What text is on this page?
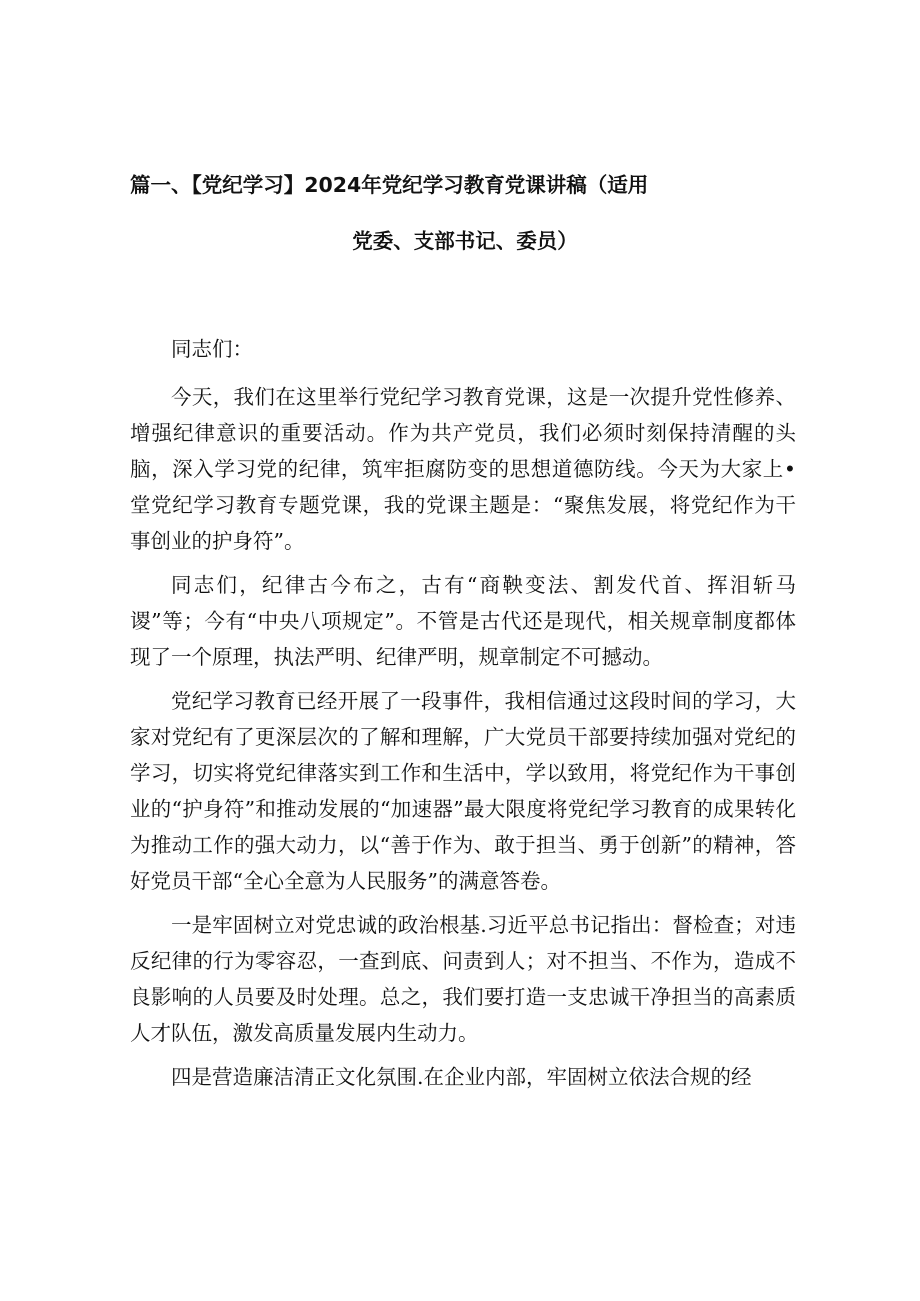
篇一、【党纪学习】2024年党纪学习教育党课讲稿（适用
党委、支部书记、委员）

同志们：

今天，我们在这里举行党纪学习教育党课，这是一次提升党性修养、增强纪律意识的重要活动。作为共产党员，我们必须时刻保持清醒的头脑，深入学习党的纪律，筑牢拒腐防变的思想道德防线。今天为大家上•堂党纪学习教育专题党课，我的党课主题是：“聚焦发展，将党纪作为干事创业的护身符”。

同志们，纪律古今布之，古有“商鞅变法、割发代首、挥泪斩马谡”等；今有“中央八项规定”。不管是古代还是现代，相关规章制度都体现了一个原理，执法严明、纪律严明，规章制定不可撼动。

党纪学习教育已经开展了一段事件，我相信通过这段时间的学习，大家对党纪有了更深层次的了解和理解，广大党员干部要持续加强对党纪的学习，切实将党纪律落实到工作和生活中，学以致用，将党纪作为干事创业的“护身符”和推动发展的“加速器”最大限度将党纪学习教育的成果转化为推动工作的强大动力，以“善于作为、敢于担当、勇于创新”的精神，答好党员干部“全心全意为人民服务”的满意答卷。

一是牢固树立对党忠诚的政治根基.习近平总书记指出：督检查；对违反纪律的行为零容忍，一查到底、问责到人；对不担当、不作为，造成不良影响的人员要及时处理。总之，我们要打造一支忠诚干净担当的高素质人才队伍，激发高质量发展内生动力。

四是营造廉洁清正文化氛围.在企业内部，牢固树立依法合规的经
